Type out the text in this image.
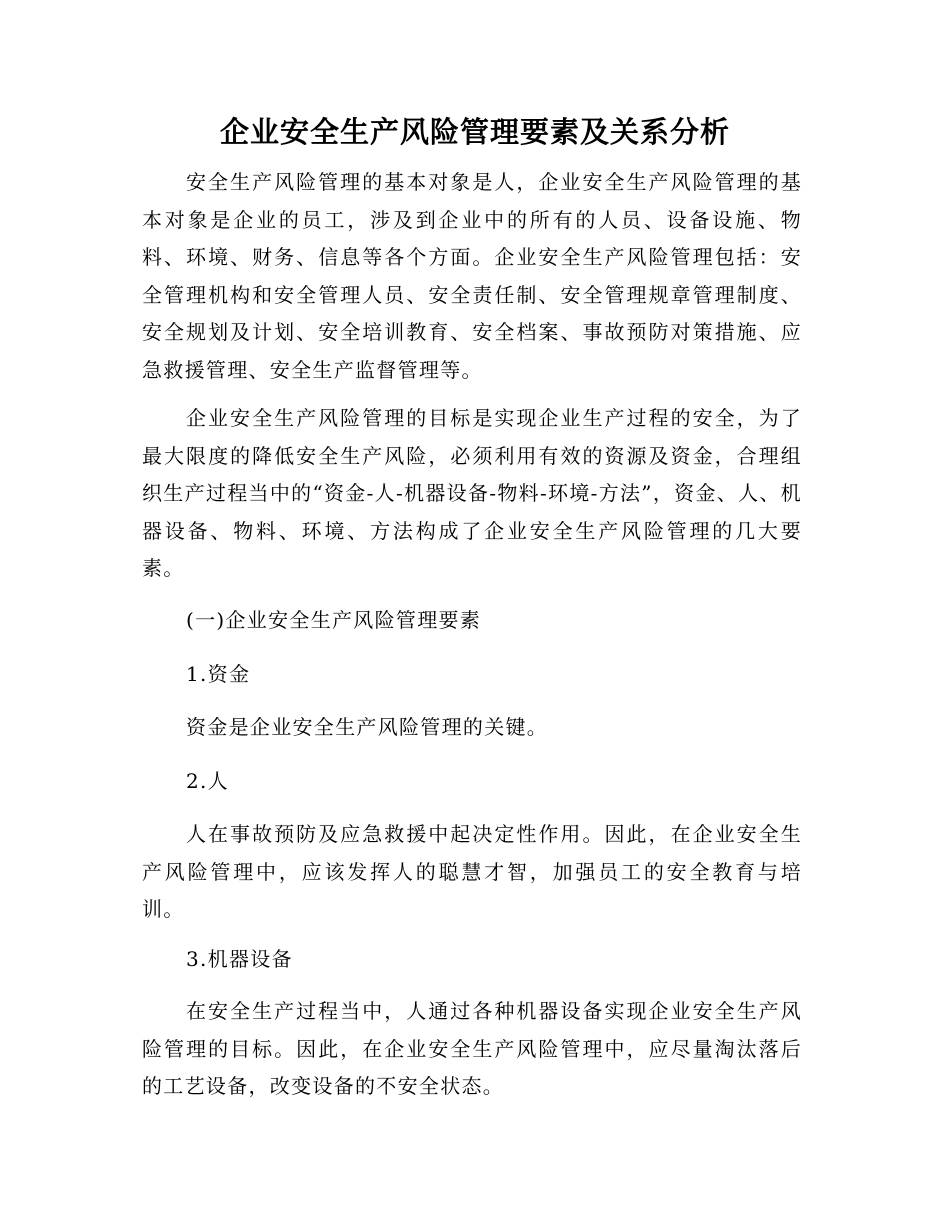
企业安全生产风险管理要素及关系分析

安全生产风险管理的基本对象是人，企业安全生产风险管理的基本对象是企业的员工，涉及到企业中的所有的人员、设备设施、物料、环境、财务、信息等各个方面。企业安全生产风险管理包括：安全管理机构和安全管理人员、安全责任制、安全管理规章管理制度、安全规划及计划、安全培训教育、安全档案、事故预防对策措施、应急救援管理、安全生产监督管理等。

企业安全生产风险管理的目标是实现企业生产过程的安全，为了最大限度的降低安全生产风险，必须利用有效的资源及资金，合理组织生产过程当中的“资金-人-机器设备-物料-环境-方法”，资金、人、机器设备、物料、环境、方法构成了企业安全生产风险管理的几大要素。

(一)企业安全生产风险管理要素

1.资金

资金是企业安全生产风险管理的关键。

2.人

人在事故预防及应急救援中起决定性作用。因此，在企业安全生产风险管理中，应该发挥人的聪慧才智，加强员工的安全教育与培训。

3.机器设备

在安全生产过程当中，人通过各种机器设备实现企业安全生产风险管理的目标。因此，在企业安全生产风险管理中，应尽量淘汰落后的工艺设备，改变设备的不安全状态。
